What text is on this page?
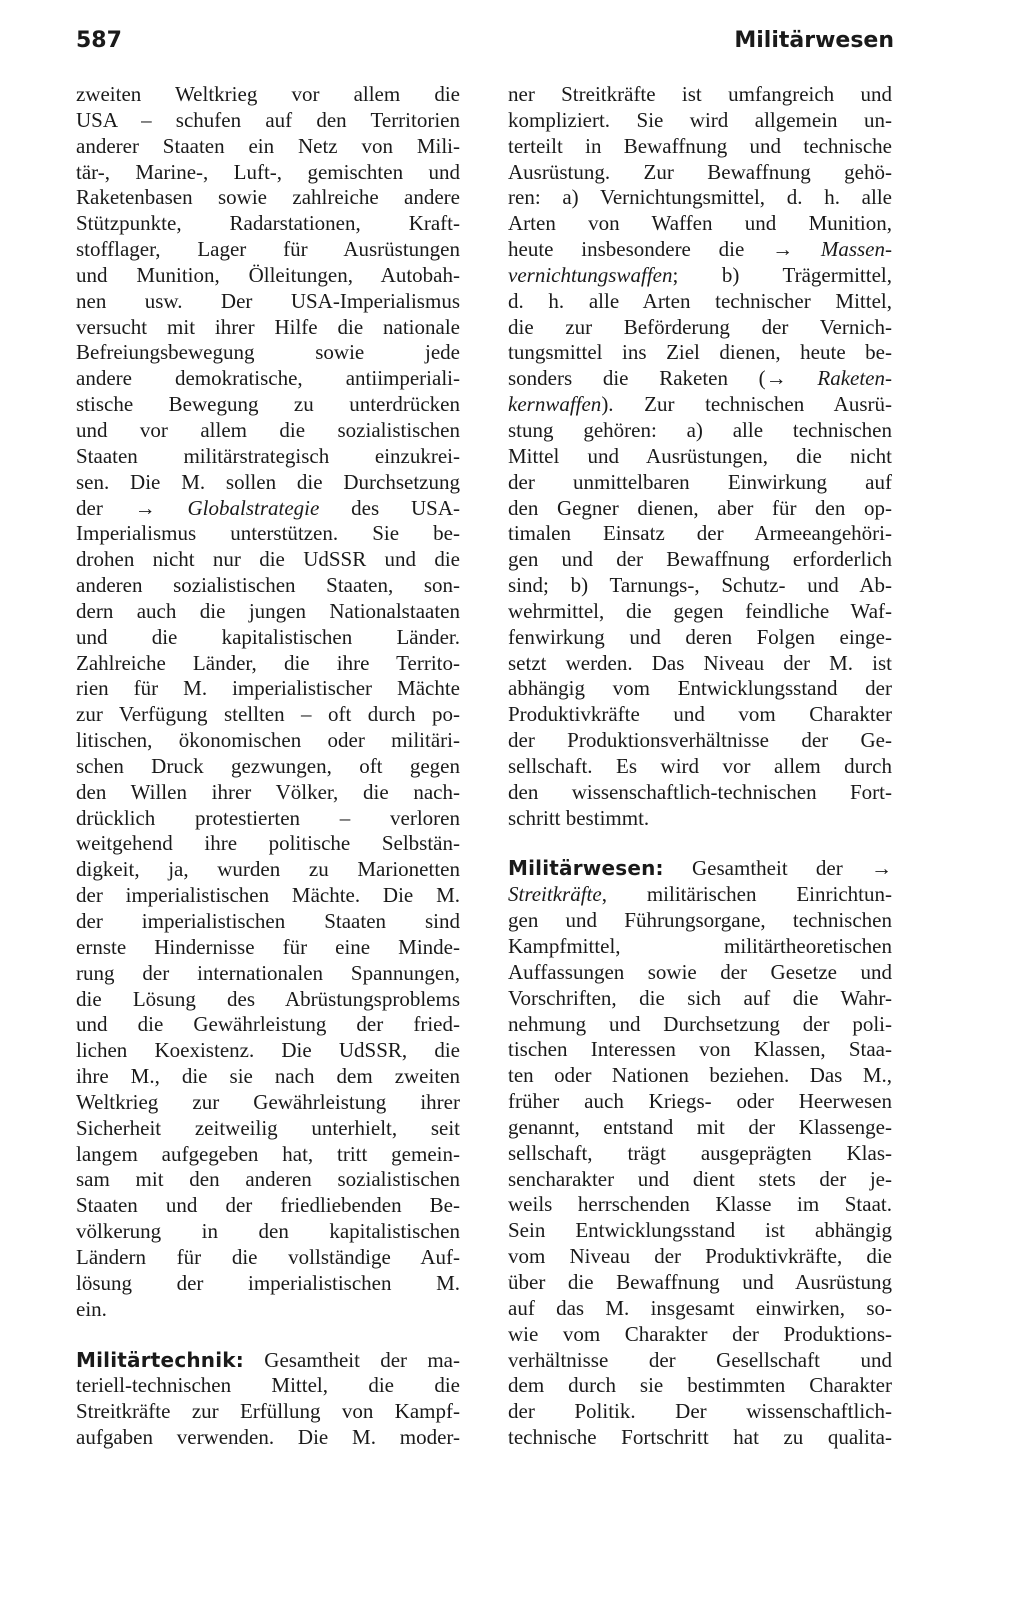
587	Militärwesen
zweiten Weltkrieg vor allem die
USA – schufen auf den Territorien
anderer Staaten ein Netz von Mili-
tär-, Marine-, Luft-, gemischten und
Raketenbasen sowie zahlreiche andere
Stützpunkte, Radarstationen, Kraft-
stofflager, Lager für Ausrüstungen
und Munition, Ölleitungen, Autobah-
nen usw. Der USA-Imperialismus
versucht mit ihrer Hilfe die nationale
Befreiungsbewegung sowie jede
andere demokratische, antiimperiali-
stische Bewegung zu unterdrücken
und vor allem die sozialistischen
Staaten militärstrategisch einzukrei-
sen. Die M. sollen die Durchsetzung
der → Globalstrategie des USA-
Imperialismus unterstützen. Sie be-
drohen nicht nur die UdSSR und die
anderen sozialistischen Staaten, son-
dern auch die jungen Nationalstaaten
und die kapitalistischen Länder.
Zahlreiche Länder, die ihre Territo-
rien für M. imperialistischer Mächte
zur Verfügung stellten – oft durch po-
litischen, ökonomischen oder militäri-
schen Druck gezwungen, oft gegen
den Willen ihrer Völker, die nach-
drücklich protestierten – verloren
weitgehend ihre politische Selbstän-
digkeit, ja, wurden zu Marionetten
der imperialistischen Mächte. Die M.
der imperialistischen Staaten sind
ernste Hindernisse für eine Minde-
rung der internationalen Spannungen,
die Lösung des Abrüstungsproblems
und die Gewährleistung der fried-
lichen Koexistenz. Die UdSSR, die
ihre M., die sie nach dem zweiten
Weltkrieg zur Gewährleistung ihrer
Sicherheit zeitweilig unterhielt, seit
langem aufgegeben hat, tritt gemein-
sam mit den anderen sozialistischen
Staaten und der friedliebenden Be-
völkerung in den kapitalistischen
Ländern für die vollständige Auf-
lösung der imperialistischen M.
ein.
Militärtechnik: Gesamtheit der ma-
teriell-technischen Mittel, die die
Streitkräfte zur Erfüllung von Kampf-
aufgaben verwenden. Die M. moder-
ner Streitkräfte ist umfangreich und
kompliziert. Sie wird allgemein un-
terteilt in Bewaffnung und technische
Ausrüstung. Zur Bewaffnung gehö-
ren: a) Vernichtungsmittel, d. h. alle
Arten von Waffen und Munition,
heute insbesondere die → Massen-
vernichtungswaffen; b) Trägermittel,
d. h. alle Arten technischer Mittel,
die zur Beförderung der Vernich-
tungsmittel ins Ziel dienen, heute be-
sonders die Raketen (→ Raketen-
kernwaffen). Zur technischen Ausrü-
stung gehören: a) alle technischen
Mittel und Ausrüstungen, die nicht
der unmittelbaren Einwirkung auf
den Gegner dienen, aber für den op-
timalen Einsatz der Armeeangehöri-
gen und der Bewaffnung erforderlich
sind; b) Tarnungs-, Schutz- und Ab-
wehrmittel, die gegen feindliche Waf-
fenwirkung und deren Folgen einge-
setzt werden. Das Niveau der M. ist
abhängig vom Entwicklungsstand der
Produktivkräfte und vom Charakter
der Produktionsverhältnisse der Ge-
sellschaft. Es wird vor allem durch
den wissenschaftlich-technischen Fort-
schritt bestimmt.
Militärwesen: Gesamtheit der →
Streitkräfte, militärischen Einrichtun-
gen und Führungsorgane, technischen
Kampfmittel, militärtheoretischen
Auffassungen sowie der Gesetze und
Vorschriften, die sich auf die Wahr-
nehmung und Durchsetzung der poli-
tischen Interessen von Klassen, Staa-
ten oder Nationen beziehen. Das M.,
früher auch Kriegs- oder Heerwesen
genannt, entstand mit der Klassenge-
sellschaft, trägt ausgeprägten Klas-
sencharakter und dient stets der je-
weils herrschenden Klasse im Staat.
Sein Entwicklungsstand ist abhängig
vom Niveau der Produktivkräfte, die
über die Bewaffnung und Ausrüstung
auf das M. insgesamt einwirken, so-
wie vom Charakter der Produktions-
verhältnisse der Gesellschaft und
dem durch sie bestimmten Charakter
der Politik. Der wissenschaftlich-
technische Fortschritt hat zu qualita-
